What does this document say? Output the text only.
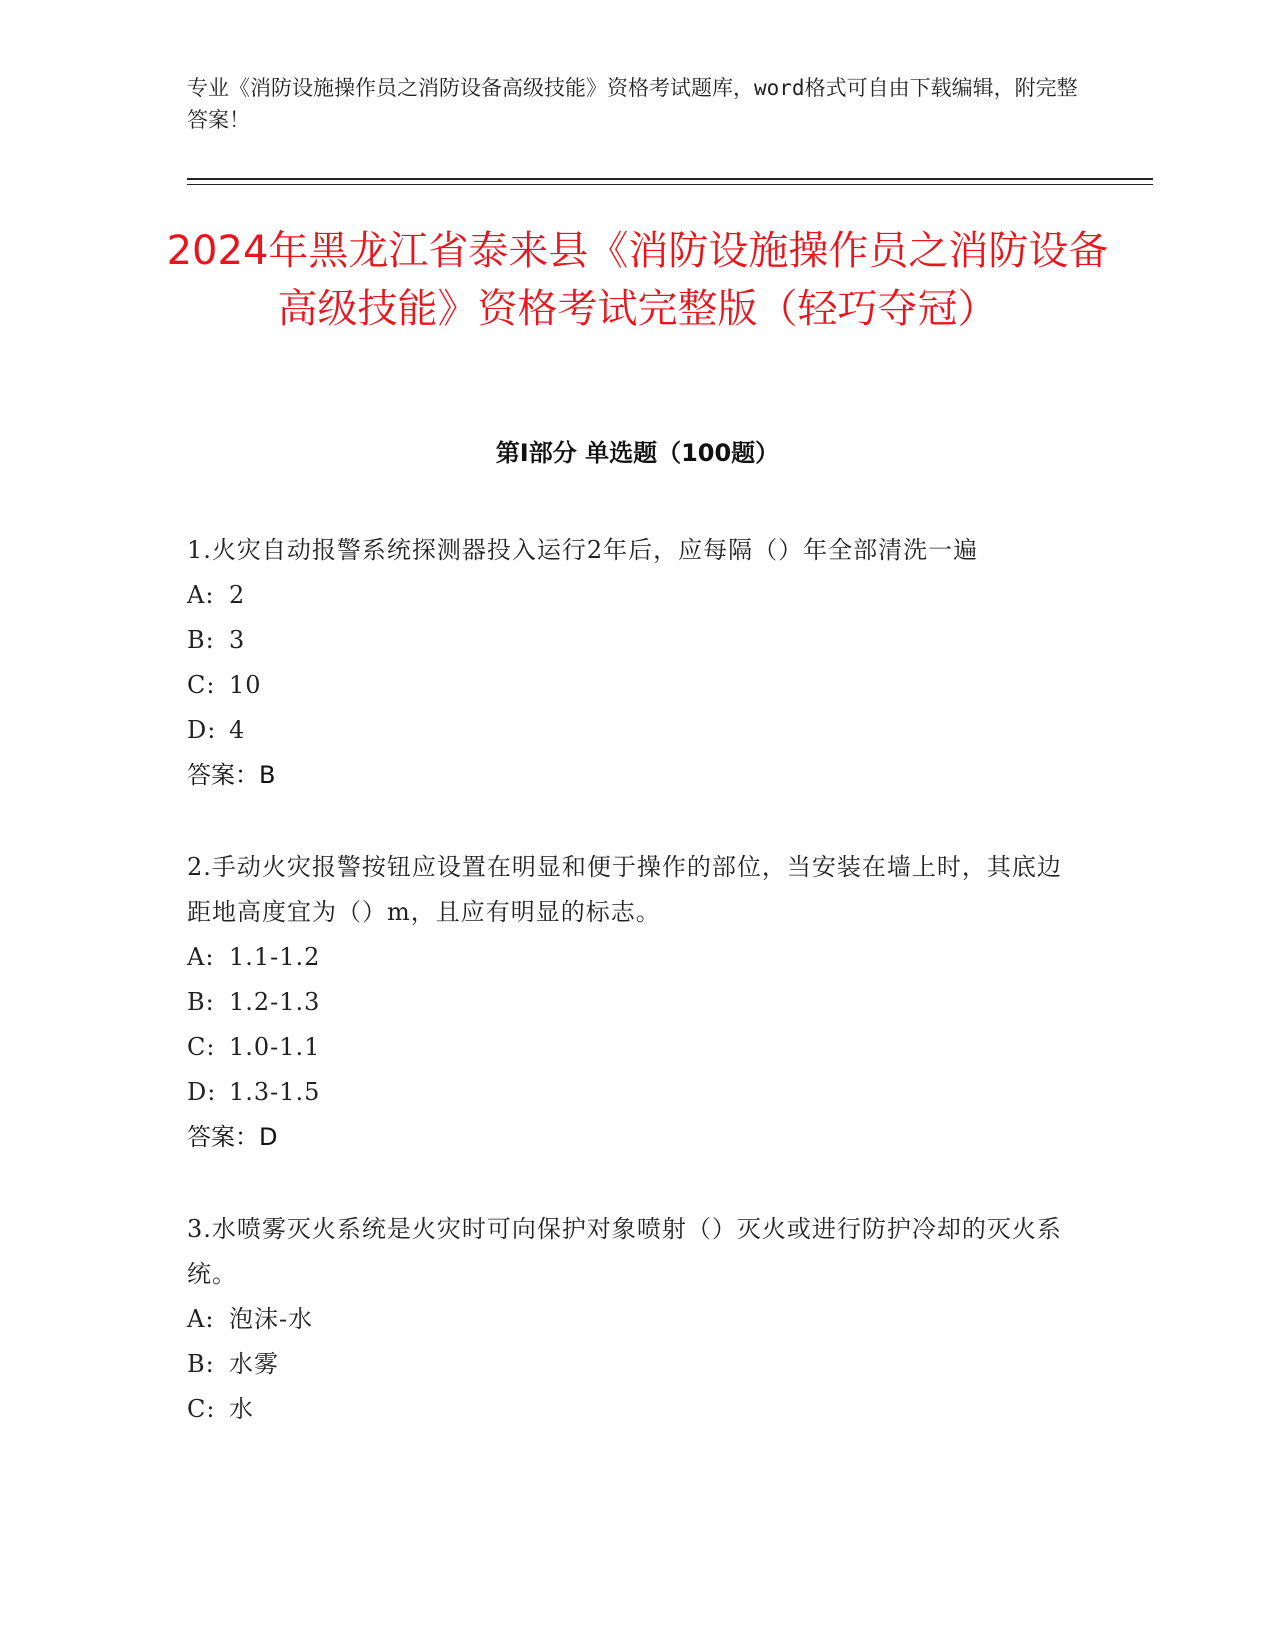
专业《消防设施操作员之消防设备高级技能》资格考试题库，word格式可自由下载编辑，附完整答案！
2024年黑龙江省泰来县《消防设施操作员之消防设备高级技能》资格考试完整版（轻巧夺冠）
第Ⅰ部分 单选题（100题）
1.火灾自动报警系统探测器投入运行2年后，应每隔（）年全部清洗一遍
A: 2
B: 3
C: 10
D: 4
答案：B
2.手动火灾报警按钮应设置在明显和便于操作的部位，当安装在墙上时，其底边距地高度宜为（）m，且应有明显的标志。
A: 1.1-1.2
B: 1.2-1.3
C: 1.0-1.1
D: 1.3-1.5
答案：D
3.水喷雾灭火系统是火灾时可向保护对象喷射（）灭火或进行防护冷却的灭火系统。
A: 泡沫-水
B: 水雾
C: 水
